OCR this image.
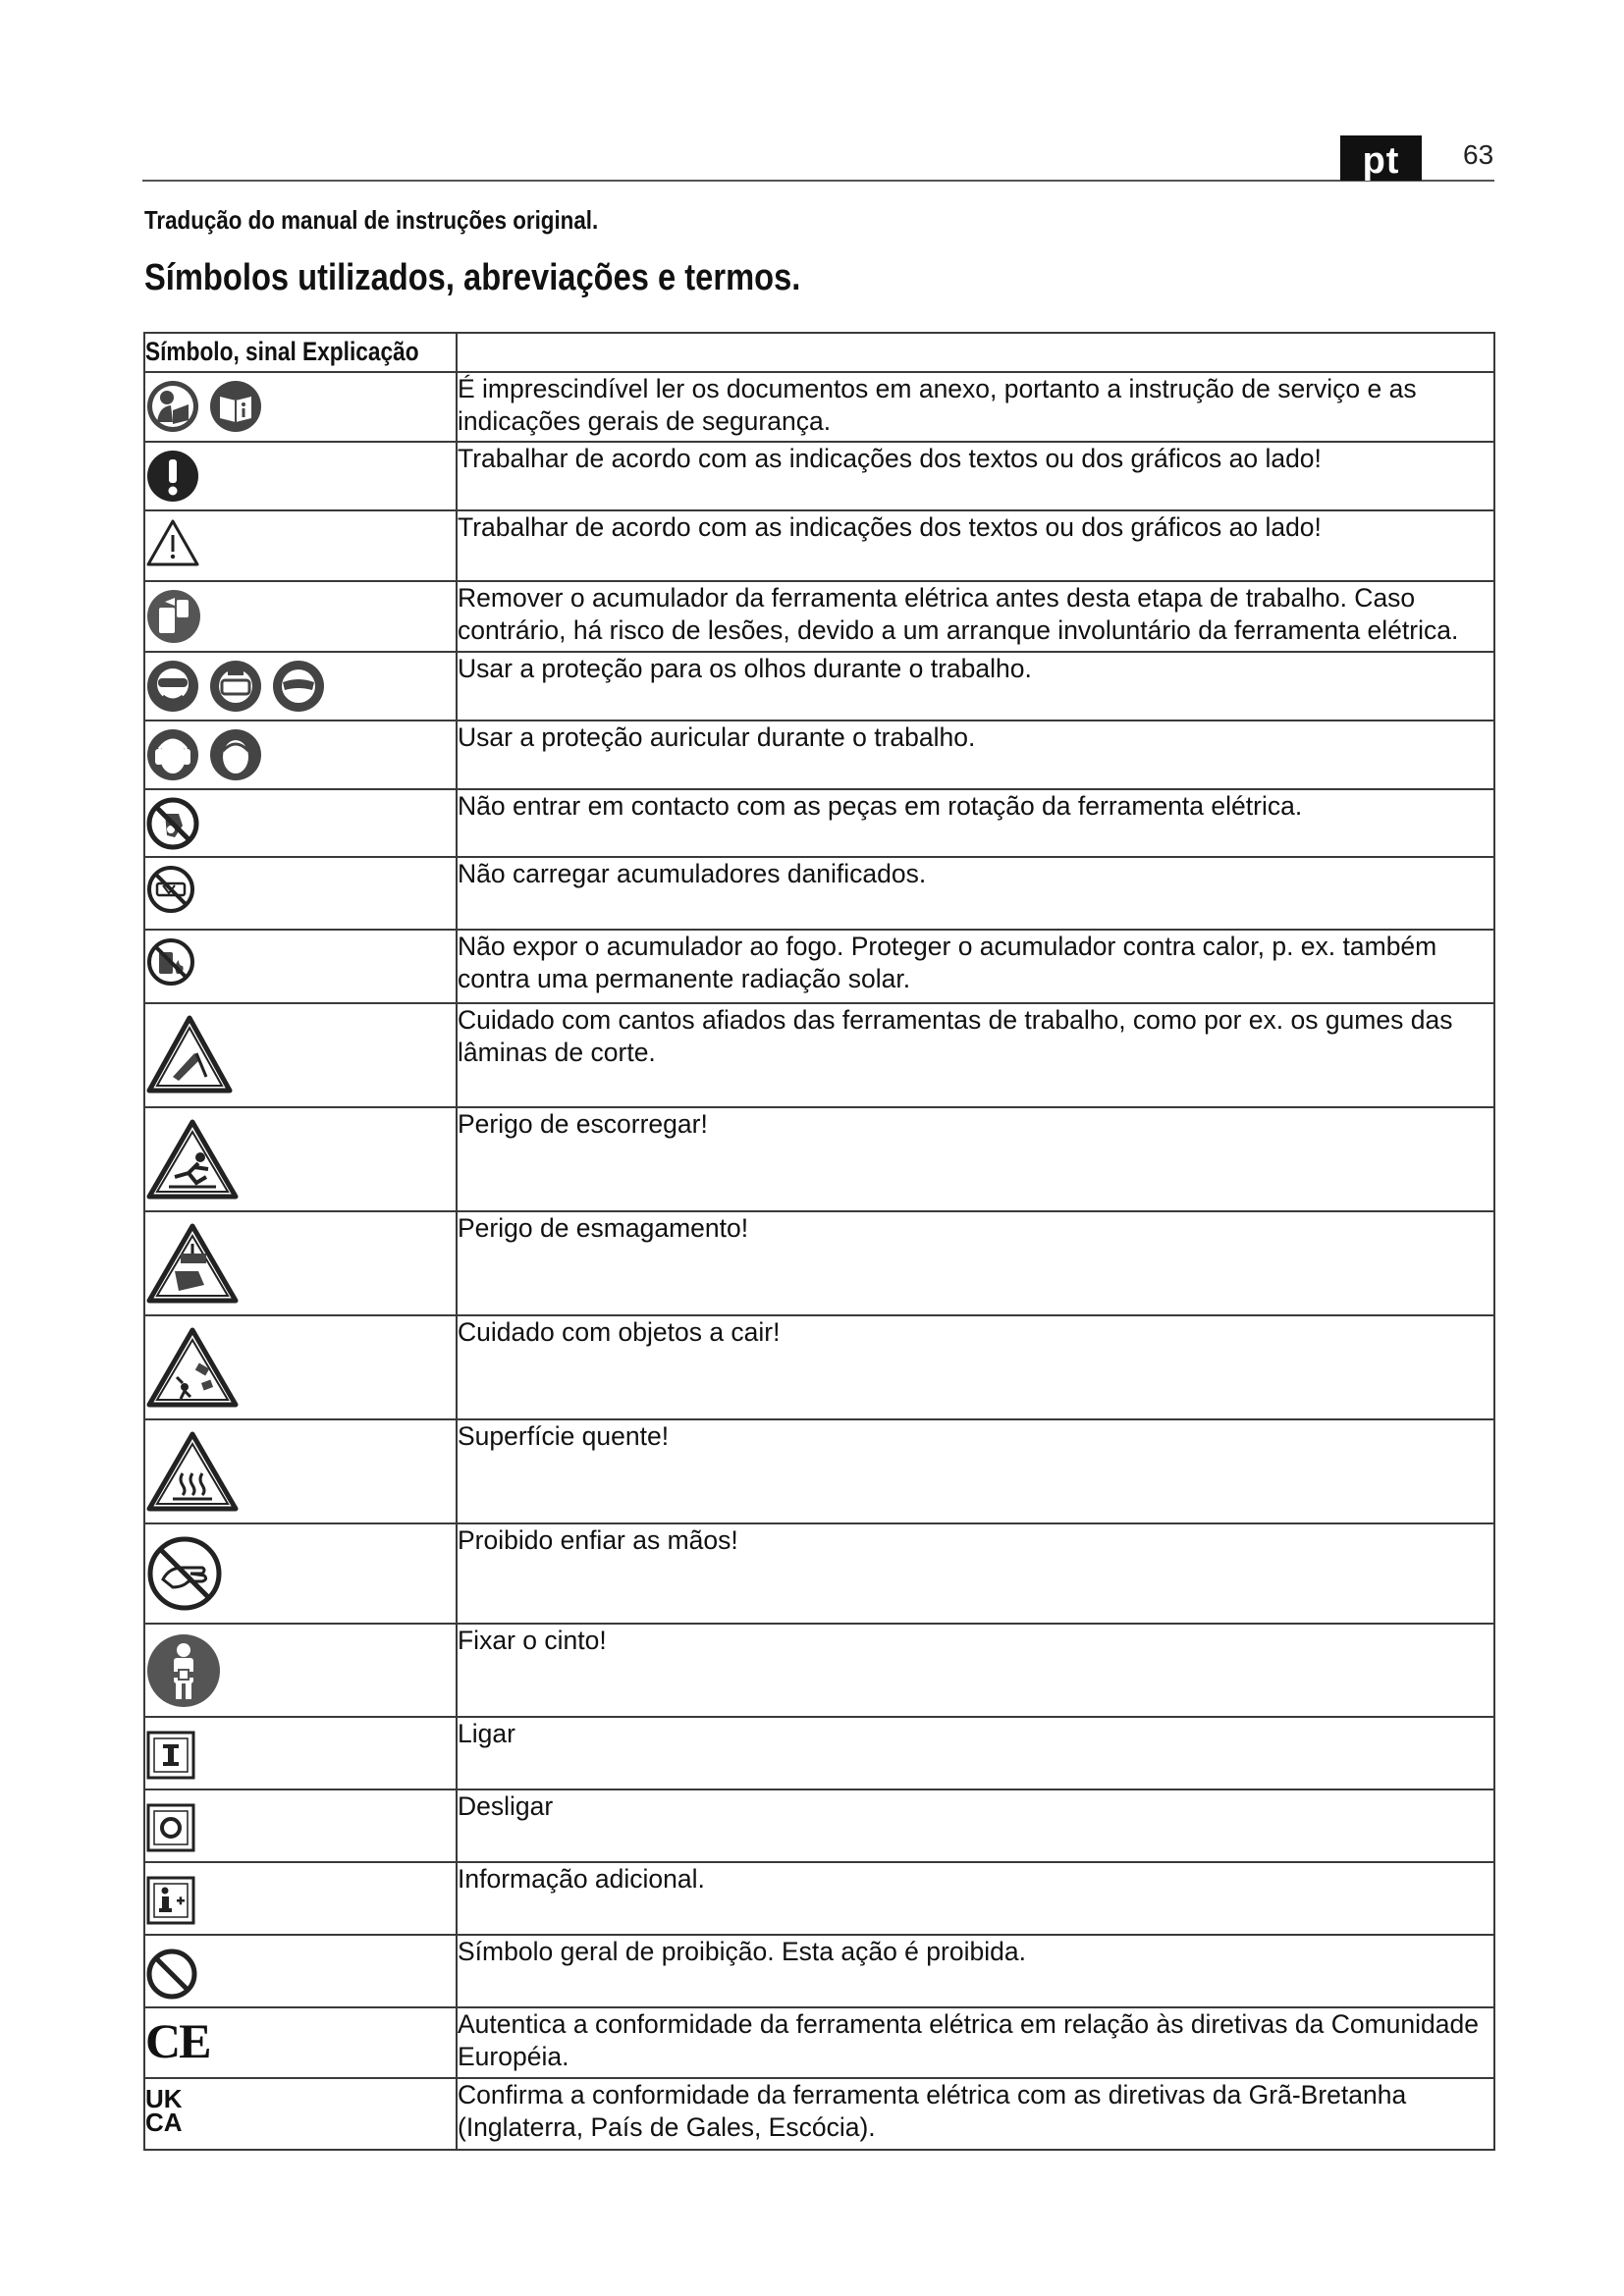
pt	63
Tradução do manual de instruções original.
Símbolos utilizados, abreviações e termos.
Símbolo, sinal Explicação	

	É imprescindível ler os documentos em anexo, portanto a instrução de serviço e as indicações gerais de segurança.

	Trabalhar de acordo com as indicações dos textos ou dos gráficos ao lado!

	Trabalhar de acordo com as indicações dos textos ou dos gráficos ao lado!

	Remover o acumulador da ferramenta elétrica antes desta etapa de trabalho. Caso contrário, há risco de lesões, devido a um arranque involuntário da ferramenta elétrica.

	Usar a proteção para os olhos durante o trabalho.

	Usar a proteção auricular durante o trabalho.

	Não entrar em contacto com as peças em rotação da ferramenta elétrica.

	Não carregar acumuladores danificados.

	Não expor o acumulador ao fogo. Proteger o acumulador contra calor, p. ex. também contra uma permanente radiação solar.

	Cuidado com cantos afiados das ferramentas de trabalho, como por ex. os gumes das lâminas de corte.

	Perigo de escorregar!

	Perigo de esmagamento!

	Cuidado com objetos a cair!

	Superfície quente!

	Proibido enfiar as mãos!

	Fixar o cinto!

	Ligar

	Desligar

	Informação adicional.

	Símbolo geral de proibição. Esta ação é proibida.

CE	Autentica a conformidade da ferramenta elétrica em relação às diretivas da Comunidade Européia.

UK
CA	Confirma a conformidade da ferramenta elétrica com as diretivas da Grã-Bretanha (Inglaterra, País de Gales, Escócia).
